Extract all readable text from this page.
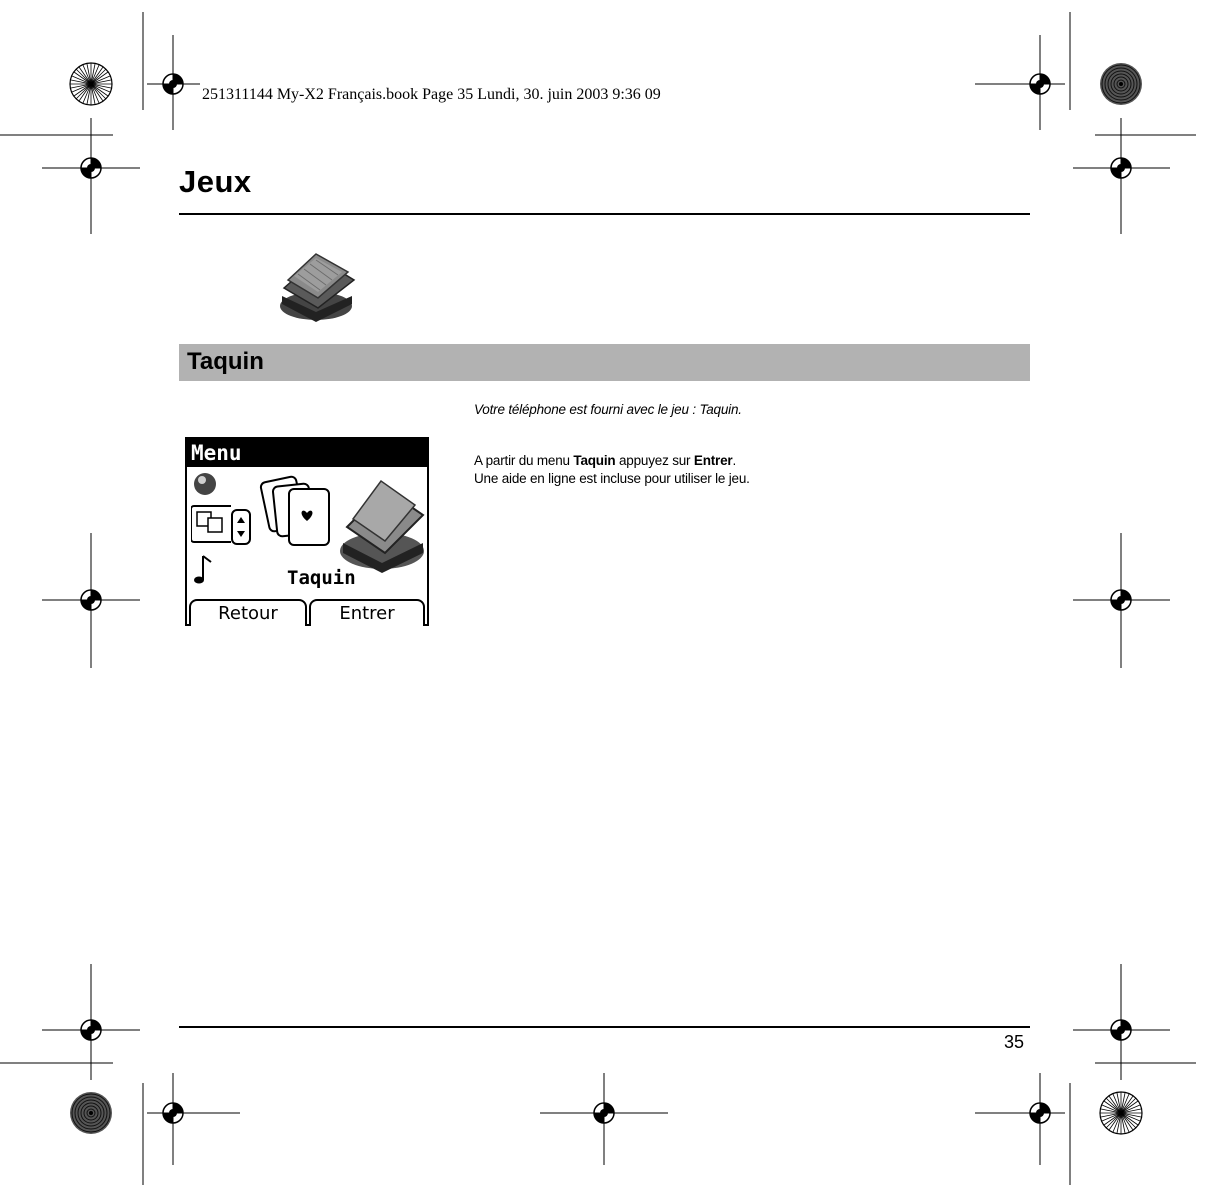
251311144 My-X2 Français.book Page 35 Lundi, 30. juin 2003 9:36 09
Jeux
Taquin
Votre téléphone est fourni avec le jeu : Taquin.
A partir du menu Taquin appuyez sur Entrer.
Une aide en ligne est incluse pour utiliser le jeu.
Menu
Taquin
Retour	Entrer
35
